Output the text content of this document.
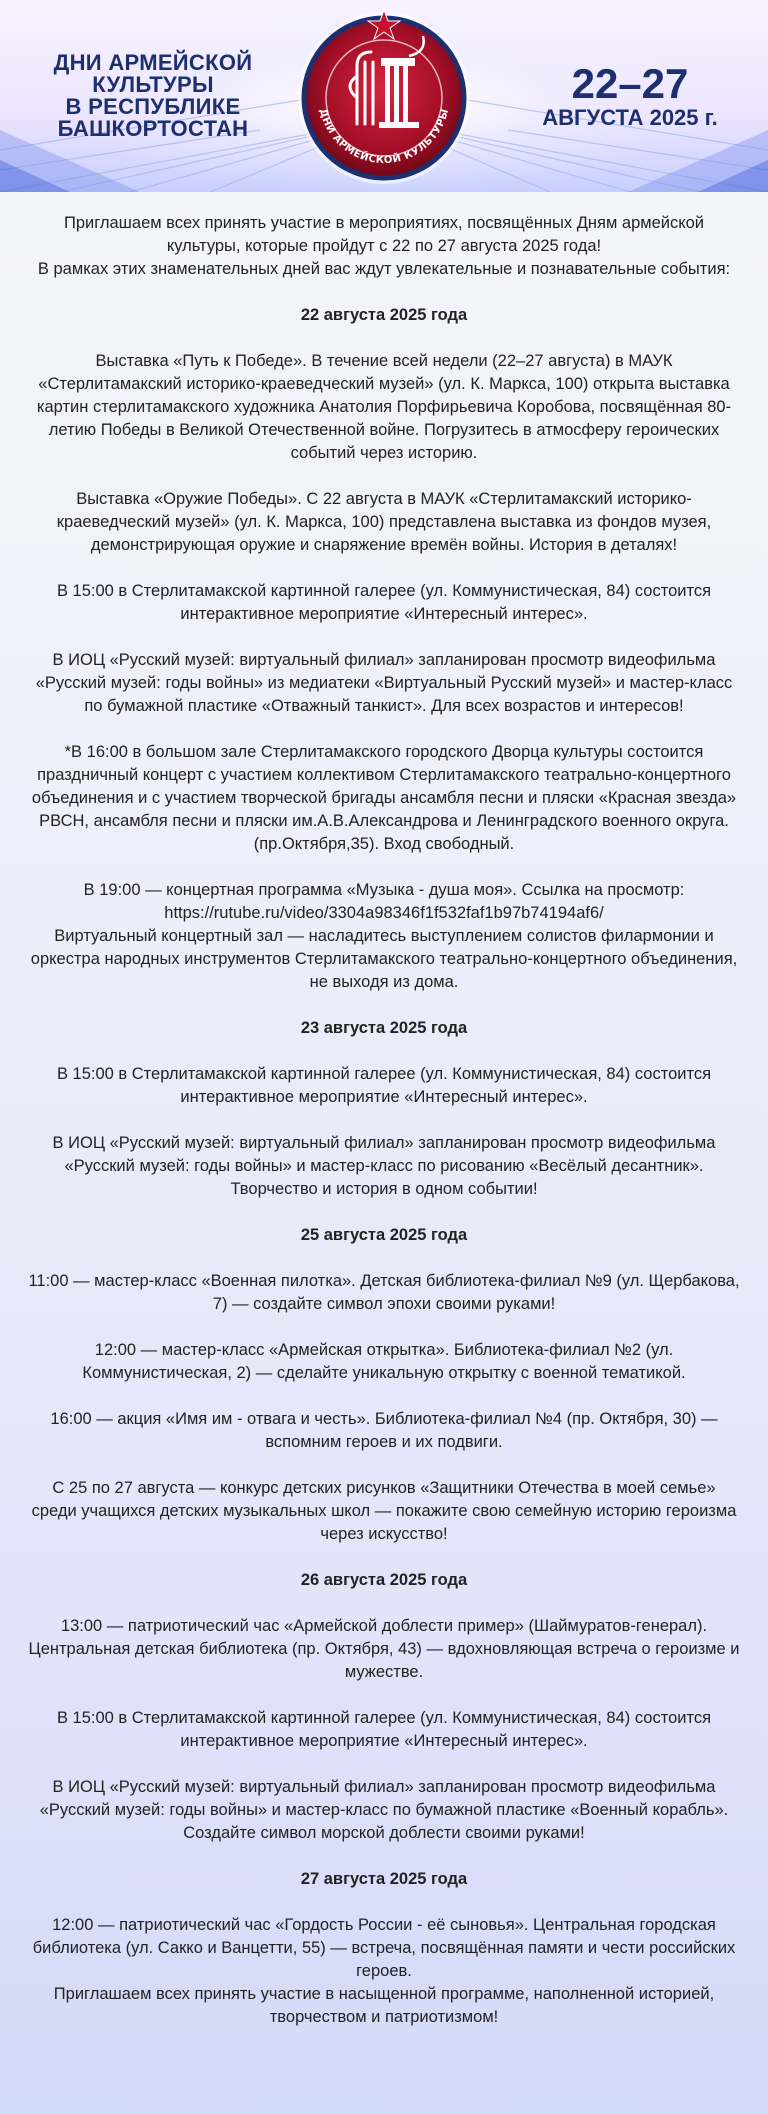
ДНИ АРМЕЙСКОЙ
КУЛЬТУРЫ
В РЕСПУБЛИКЕ
БАШКОРТОСТАН
ДНИ АРМЕЙСКОЙ КУЛЬТУРЫ
22–27
АВГУСТА 2025 г.

Приглашаем всех принять участие в мероприятиях, посвящённых Дням армейской культуры, которые пройдут с 22 по 27 августа 2025 года!

В рамках этих знаменательных дней вас ждут увлекательные и познавательные события:

22 августа 2025 года

Выставка «Путь к Победе». В течение всей недели (22–27 августа) в МАУК «Стерлитамакский историко-краеведческий музей» (ул. К. Маркса, 100) открыта выставка картин стерлитамакского художника Анатолия Порфирьевича Коробова, посвящённая 80-летию Победы в Великой Отечественной войне. Погрузитесь в атмосферу героических событий через историю.

Выставка «Оружие Победы». С 22 августа в МАУК «Стерлитамакский историко-краеведческий музей» (ул. К. Маркса, 100) представлена выставка из фондов музея, демонстрирующая оружие и снаряжение времён войны. История в деталях!

В 15:00 в Стерлитамакской картинной галерее (ул. Коммунистическая, 84) состоится интерактивное мероприятие «Интересный интерес».

В ИОЦ «Русский музей: виртуальный филиал» запланирован просмотр видеофильма «Русский музей: годы войны» из медиатеки «Виртуальный Русский музей» и мастер-класс по бумажной пластике «Отважный танкист». Для всех возрастов и интересов!

*В 16:00 в большом зале Стерлитамакского городского Дворца культуры состоится праздничный концерт с участием коллективом Стерлитамакского театрально-концертного объединения и с участием творческой бригады ансамбля песни и пляски «Красная звезда» РВСН, ансамбля песни и пляски им.А.В.Александрова и Ленинградского военного округа. (пр.Октября,35). Вход свободный.

В 19:00 — концертная программа «Музыка - душа моя». Ссылка на просмотр: https://rutube.ru/video/3304a98346f1f532faf1b97b74194af6/

Виртуальный концертный зал — насладитесь выступлением солистов филармонии и оркестра народных инструментов Стерлитамакского театрально-концертного объединения, не выходя из дома.

23 августа 2025 года

В 15:00 в Стерлитамакской картинной галерее (ул. Коммунистическая, 84) состоится интерактивное мероприятие «Интересный интерес».

В ИОЦ «Русский музей: виртуальный филиал» запланирован просмотр видеофильма «Русский музей: годы войны» и мастер-класс по рисованию «Весёлый десантник». Творчество и история в одном событии!

25 августа 2025 года

11:00 — мастер-класс «Военная пилотка». Детская библиотека-филиал №9 (ул. Щербакова, 7) — создайте символ эпохи своими руками!

12:00 — мастер-класс «Армейская открытка». Библиотека-филиал №2 (ул. Коммунистическая, 2) — сделайте уникальную открытку с военной тематикой.

16:00 — акция «Имя им - отвага и честь». Библиотека-филиал №4 (пр. Октября, 30) — вспомним героев и их подвиги.

С 25 по 27 августа — конкурс детских рисунков «Защитники Отечества в моей семье» среди учащихся детских музыкальных школ — покажите свою семейную историю героизма через искусство!

26 августа 2025 года

13:00 — патриотический час «Армейской доблести пример» (Шаймуратов-генерал). Центральная детская библиотека (пр. Октября, 43) — вдохновляющая встреча о героизме и мужестве.

В 15:00 в Стерлитамакской картинной галерее (ул. Коммунистическая, 84) состоится интерактивное мероприятие «Интересный интерес».

В ИОЦ «Русский музей: виртуальный филиал» запланирован просмотр видеофильма «Русский музей: годы войны» и мастер-класс по бумажной пластике «Военный корабль». Создайте символ морской доблести своими руками!

27 августа 2025 года

12:00 — патриотический час «Гордость России - её сыновья». Центральная городская библиотека (ул. Сакко и Ванцетти, 55) — встреча, посвящённая памяти и чести российских героев.

Приглашаем всех принять участие в насыщенной программе, наполненной историей, творчеством и патриотизмом!
